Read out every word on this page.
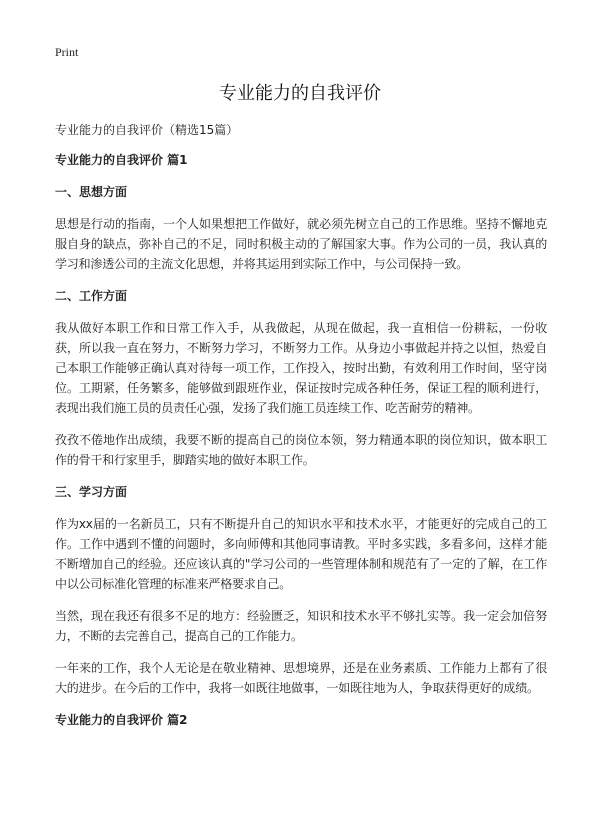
Print
专业能力的自我评价

专业能力的自我评价（精选15篇）

专业能力的自我评价 篇1

一、思想方面

思想是行动的指南，一个人如果想把工作做好，就必须先树立自己的工作思维。坚持不懈地克服自身的缺点，弥补自己的不足，同时积极主动的了解国家大事。作为公司的一员，我认真的学习和渗透公司的主流文化思想，并将其运用到实际工作中，与公司保持一致。

二、工作方面

我从做好本职工作和日常工作入手，从我做起，从现在做起，我一直相信一份耕耘，一份收获，所以我一直在努力，不断努力学习，不断努力工作。从身边小事做起并持之以恒，热爱自己本职工作能够正确认真对待每一项工作，工作投入，按时出勤，有效利用工作时间，坚守岗位。工期紧，任务繁多，能够做到跟班作业，保证按时完成各种任务，保证工程的顺利进行，表现出我们施工员的员责任心强，发扬了我们施工员连续工作、吃苦耐劳的精神。

孜孜不倦地作出成绩，我要不断的提高自己的岗位本领，努力精通本职的岗位知识，做本职工作的骨干和行家里手，脚踏实地的做好本职工作。

三、学习方面

作为xx届的一名新员工，只有不断提升自己的知识水平和技术水平，才能更好的完成自己的工作。工作中遇到不懂的问题时，多向师傅和其他同事请教。平时多实践，多看多问，这样才能不断增加自己的经验。还应该认真的"学习公司的一些管理体制和规范有了一定的了解，在工作中以公司标准化管理的标准来严格要求自己。

当然，现在我还有很多不足的地方：经验匮乏，知识和技术水平不够扎实等。我一定会加倍努力，不断的去完善自己，提高自己的工作能力。

一年来的工作，我个人无论是在敬业精神、思想境界，还是在业务素质、工作能力上都有了很大的进步。在今后的工作中，我将一如既往地做事，一如既往地为人，争取获得更好的成绩。

专业能力的自我评价 篇2
